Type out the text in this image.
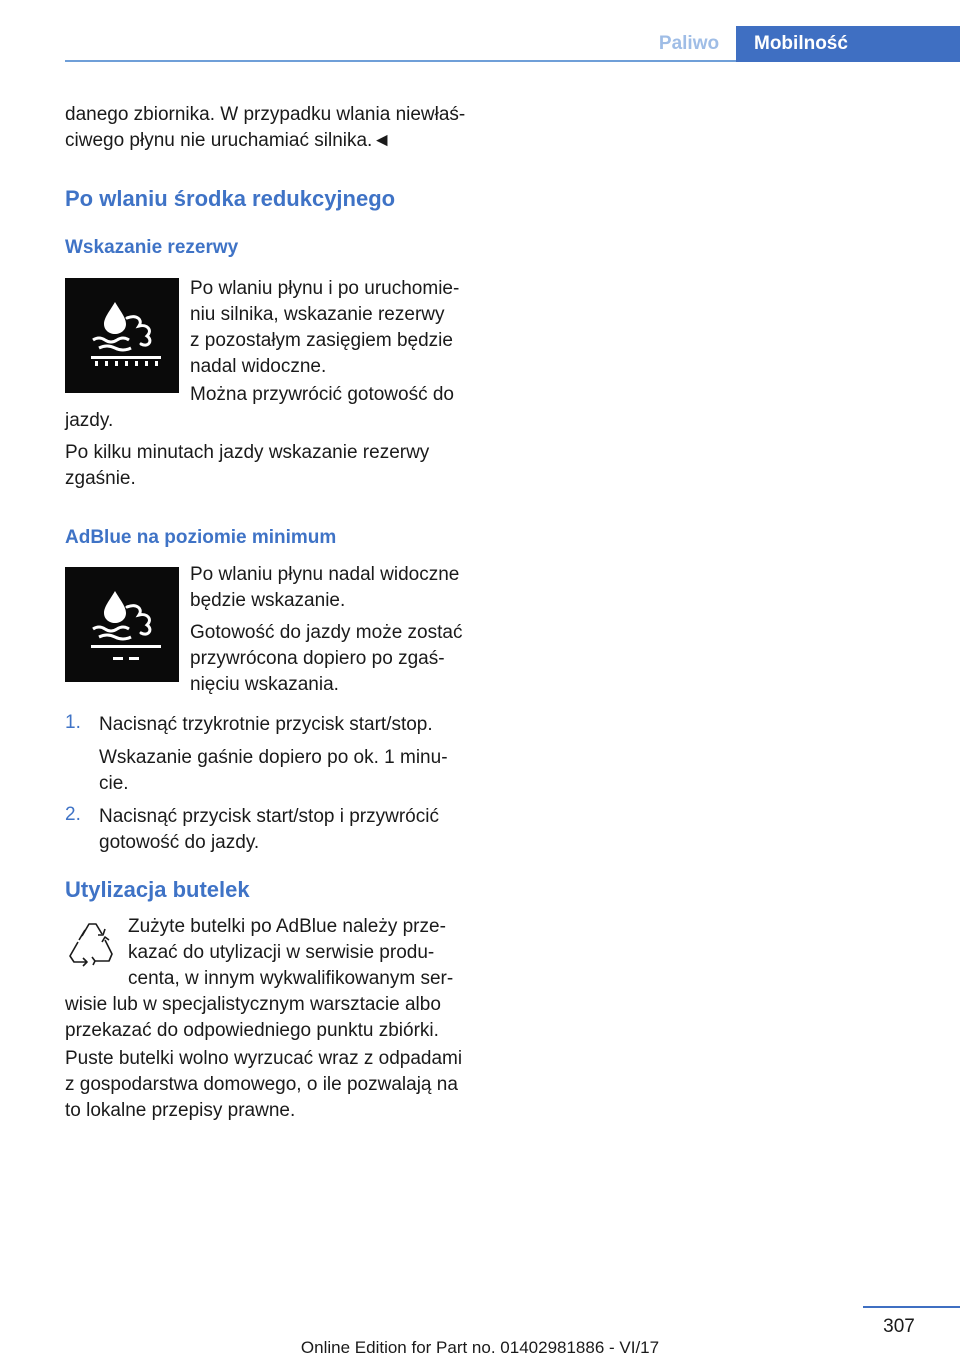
Paliwo	Mobilność

danego zbiornika. W przypadku wlania niewłaś-

ciwego płynu nie uruchamiać silnika.◄

Po wlaniu środka redukcyjnego
Wskazanie rezerwy
Po wlaniu płynu i po uruchomie-
niu silnika, wskazanie rezerwy
z pozostałym zasięgiem będzie
nadal widoczne.
Można przywrócić gotowość do
jazdy.
Po kilku minutach jazdy wskazanie rezerwy
zgaśnie.
AdBlue na poziomie minimum
Po wlaniu płynu nadal widoczne
będzie wskazanie.
Gotowość do jazdy może zostać
przywrócona dopiero po zgaś-
nięciu wskazania.
1. Nacisnąć trzykrotnie przycisk start/stop.
Wskazanie gaśnie dopiero po ok. 1 minu-
cie.
2. Nacisnąć przycisk start/stop i przywrócić
gotowość do jazdy.
Utylizacja butelek
Zużyte butelki po AdBlue należy prze-
kazać do utylizacji w serwisie produ-
centa, w innym wykwalifikowanym ser-
wisie lub w specjalistycznym warsztacie albo
przekazać do odpowiedniego punktu zbiórki.
Puste butelki wolno wyrzucać wraz z odpadami
z gospodarstwa domowego, o ile pozwalają na
to lokalne przepisy prawne.
307
Online Edition for Part no. 01402981886 - VI/17
